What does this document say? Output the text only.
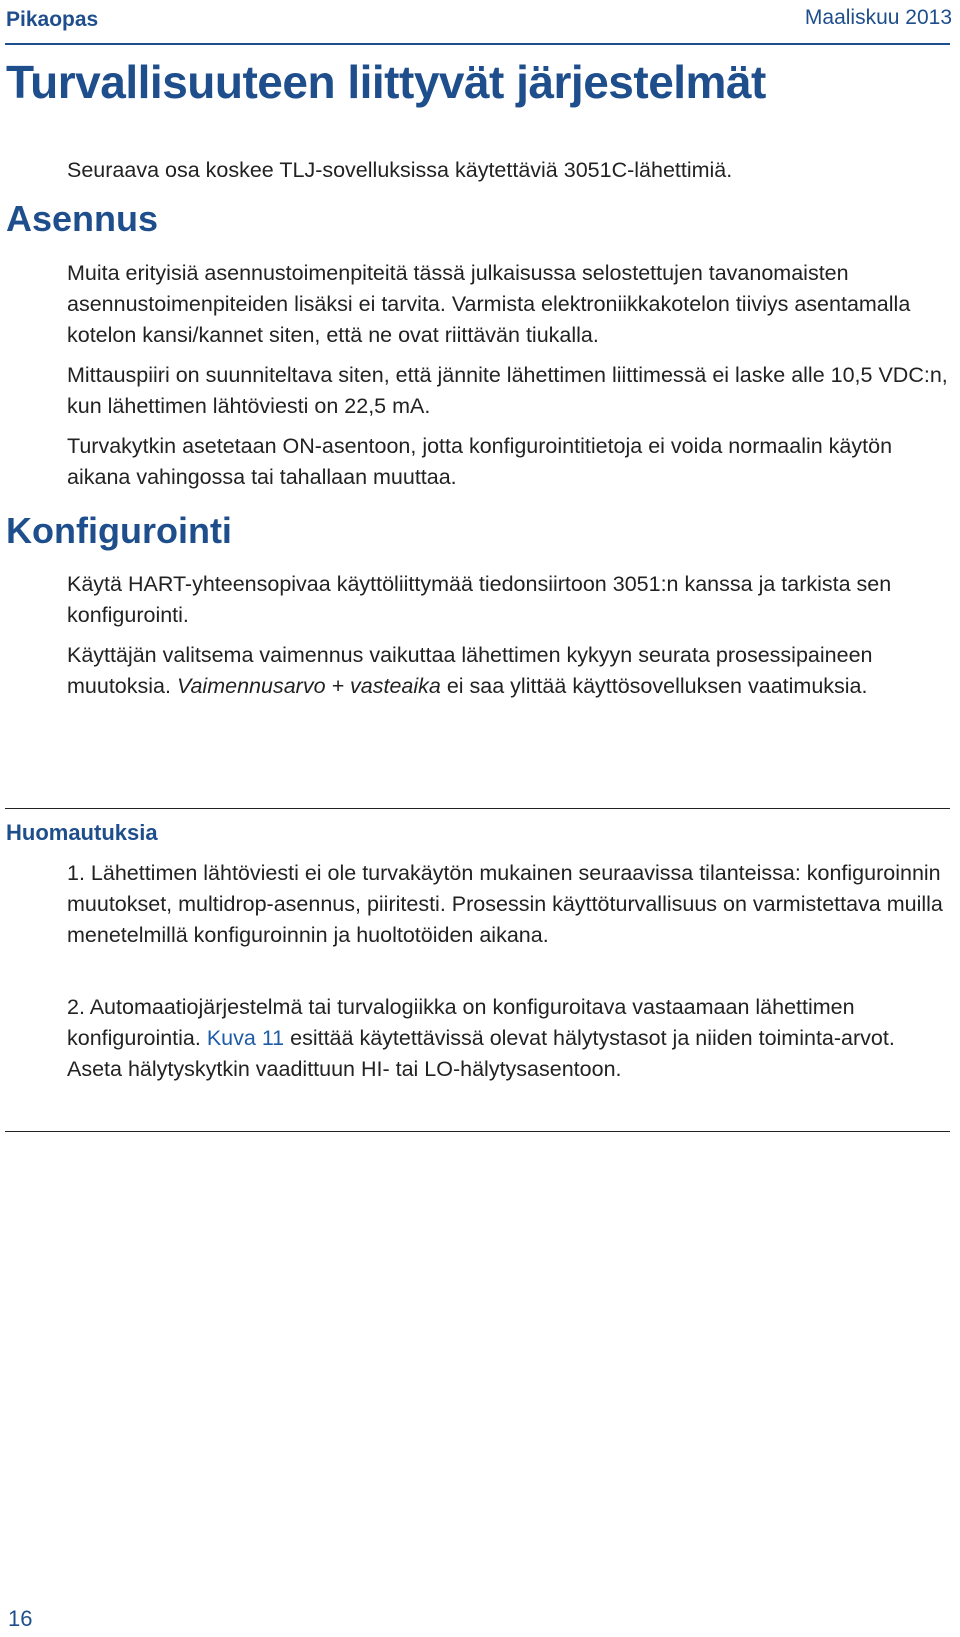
Pikaopas	Maaliskuu 2013
Turvallisuuteen liittyvät järjestelmät

Seuraava osa koskee TLJ-sovelluksissa käytettäviä 3051C-lähettimiä.

Asennus

Muita erityisiä asennustoimenpiteitä tässä julkaisussa selostettujen tavanomaisten asennustoimenpiteiden lisäksi ei tarvita. Varmista elektroniikkakotelon tiiviys asentamalla kotelon kansi/kannet siten, että ne ovat riittävän tiukalla.

Mittauspiiri on suunniteltava siten, että jännite lähettimen liittimessä ei laske alle 10,5 VDC:n, kun lähettimen lähtöviesti on 22,5 mA.

Turvakytkin asetetaan ON-asentoon, jotta konfigurointitietoja ei voida normaalin käytön aikana vahingossa tai tahallaan muuttaa.

Konfigurointi

Käytä HART-yhteensopivaa käyttöliittymää tiedonsiirtoon 3051:n kanssa ja tarkista sen konfigurointi.

Käyttäjän valitsema vaimennus vaikuttaa lähettimen kykyyn seurata prosessipaineen muutoksia. Vaimennusarvo + vasteaika ei saa ylittää käyttösovelluksen vaatimuksia.

Huomautuksia

1. Lähettimen lähtöviesti ei ole turvakäytön mukainen seuraavissa tilanteissa: konfiguroinnin muutokset, multidrop-asennus, piiritesti. Prosessin käyttöturvallisuus on varmistettava muilla menetelmillä konfiguroinnin ja huoltotöiden aikana.

2. Automaatiojärjestelmä tai turvalogiikka on konfiguroitava vastaamaan lähettimen konfigurointia. Kuva 11 esittää käytettävissä olevat hälytystasot ja niiden toiminta-arvot. Aseta hälytyskytkin vaadittuun HI- tai LO-hälytysasentoon.

16
